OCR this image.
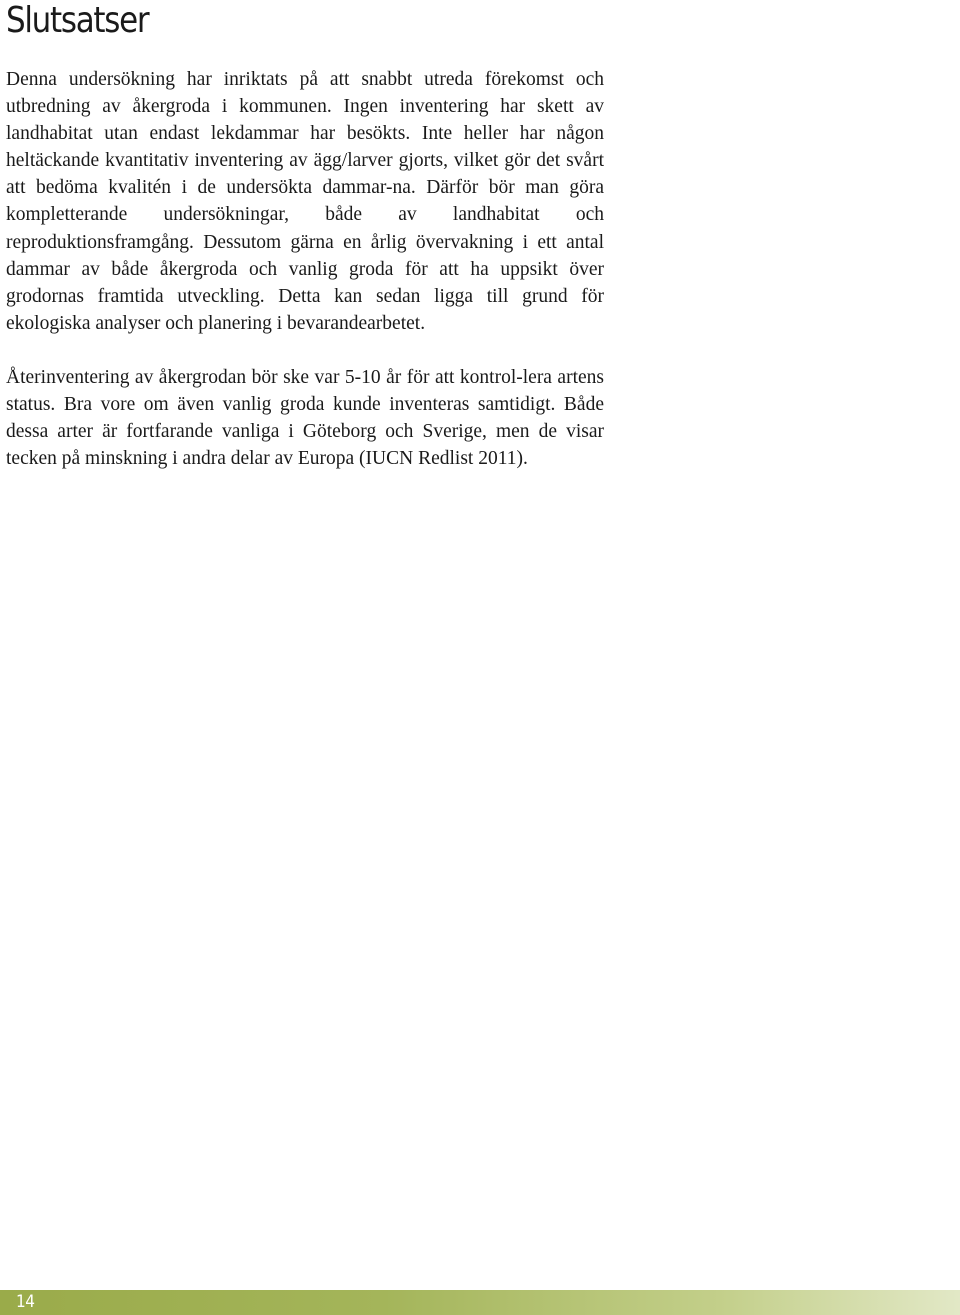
Slutsatser

Denna undersökning har inriktats på att snabbt utreda förekomst och utbredning av åkergroda i kommunen. Ingen inventering har skett av landhabitat utan endast lekdammar har besökts. Inte heller har någon heltäckande kvantitativ inventering av ägg/larver gjorts, vilket gör det svårt att bedöma kvalitén i de undersökta dammar-na. Därför bör man göra kompletterande undersökningar, både av landhabitat och reproduktionsframgång. Dessutom gärna en årlig övervakning i ett antal dammar av både åkergroda och vanlig groda för att ha uppsikt över grodornas framtida utveckling. Detta kan sedan ligga till grund för ekologiska analyser och planering i bevarandearbetet.

Återinventering av åkergrodan bör ske var 5-10 år för att kontrol-lera artens status. Bra vore om även vanlig groda kunde inventeras samtidigt. Både dessa arter är fortfarande vanliga i Göteborg och Sverige, men de visar tecken på minskning i andra delar av Europa (IUCN Redlist 2011).

14
